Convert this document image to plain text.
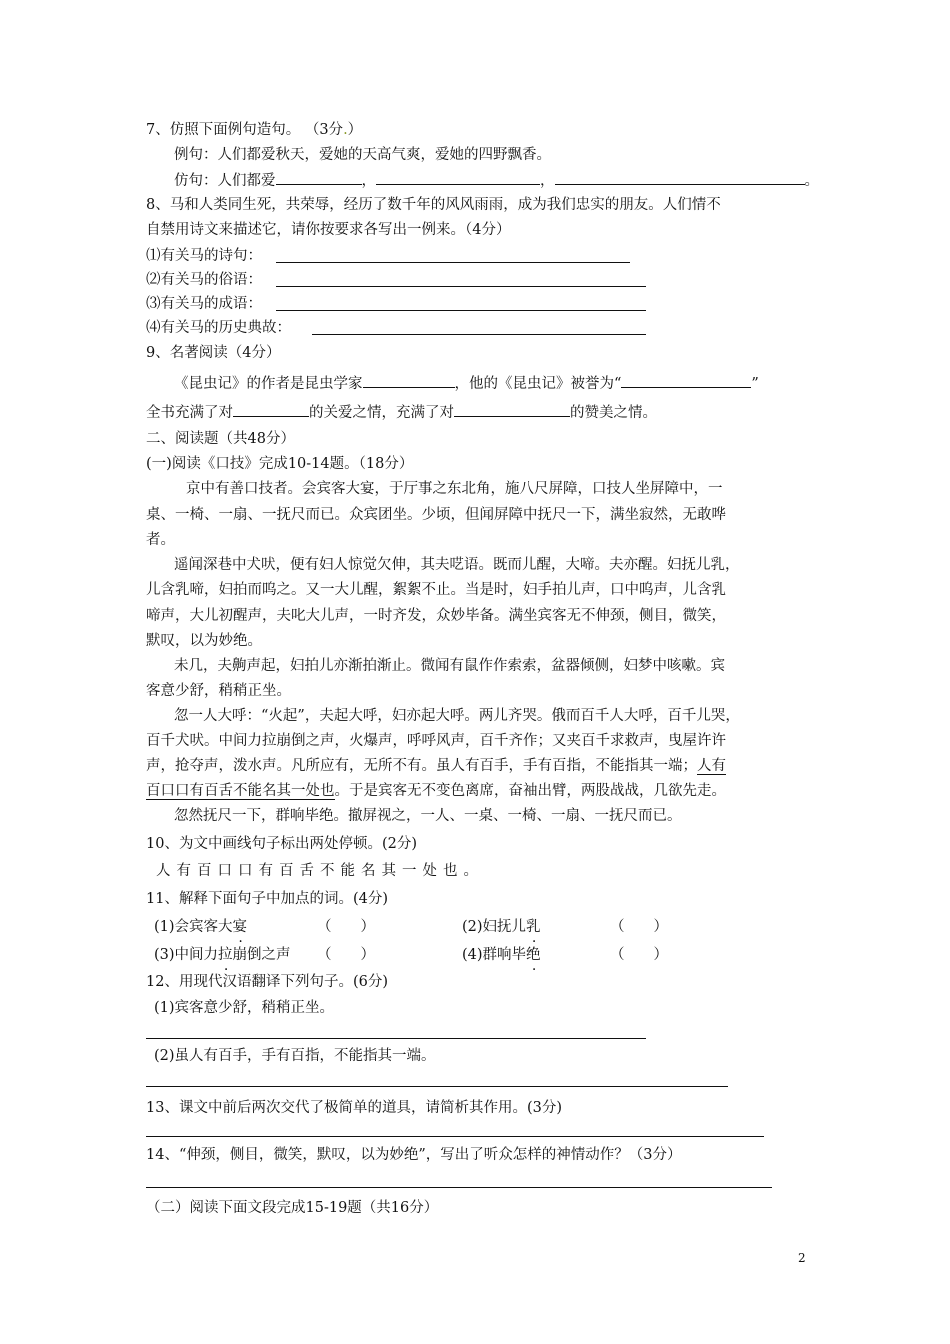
7、仿照下面例句造句。 （3分.）
例句：人们都爱秋天，爱她的天高气爽，爱她的四野飘香。
仿句：人们都爱	，	，	。
8、马和人类同生死，共荣辱，经历了数千年的风风雨雨，成为我们忠实的朋友。人们情不
自禁用诗文来描述它，请你按要求各写出一例来。（4分）
⑴有关马的诗句：
⑵有关马的俗语：
⑶有关马的成语：
⑷有关马的历史典故：
9、名著阅读（4分）
《昆虫记》的作者是昆虫学家	，他的《昆虫记》被誉为“	”
全书充满了对	的关爱之情，充满了对	的赞美之情。
二、阅读题（共48分）
(一)阅读《口技》完成10-14题。（18分）
京中有善口技者。会宾客大宴，于厅事之东北角，施八尺屏障，口技人坐屏障中，一
桌、一椅、一扇、一抚尺而已。众宾团坐。少顷，但闻屏障中抚尺一下，满坐寂然，无敢哗
者。
遥闻深巷中犬吠，便有妇人惊觉欠伸，其夫呓语。既而儿醒，大啼。夫亦醒。妇抚儿乳，
儿含乳啼，妇拍而呜之。又一大儿醒，絮絮不止。当是时，妇手拍儿声，口中呜声，儿含乳
啼声，大儿初醒声，夫叱大儿声，一时齐发，众妙毕备。满坐宾客无不伸颈，侧目，微笑，
默叹，以为妙绝。
未几，夫齁声起，妇拍儿亦渐拍渐止。微闻有鼠作作索索，盆器倾侧，妇梦中咳嗽。宾
客意少舒，稍稍正坐。
忽一人大呼：“火起”，夫起大呼，妇亦起大呼。两儿齐哭。俄而百千人大呼，百千儿哭，
百千犬吠。中间力拉崩倒之声，火爆声，呼呼风声，百千齐作；又夹百千求救声，曳屋许许
声，抢夺声，泼水声。凡所应有，无所不有。虽人有百手，手有百指，不能指其一端；人有
百口口有百舌不能名其一处也。于是宾客无不变色离席，奋袖出臂，两股战战，几欲先走。
忽然抚尺一下，群响毕绝。撤屏视之，一人、一桌、一椅、一扇、一抚尺而已。
10、为文中画线句子标出两处停顿。(2分)
人有百口口有百舌不能名其一处也。
11、解释下面句子中加点的词。(4分)
(1)会宾客大宴	（　　）	(2)妇抚儿乳	（　　）
(3)中间力拉崩倒之声 （　　）	(4)群响毕绝	（　　）
12、用现代汉语翻译下列句子。(6分)
(1)宾客意少舒，稍稍正坐。
(2)虽人有百手，手有百指，不能指其一端。
13、课文中前后两次交代了极简单的道具，请简析其作用。(3分)
14、“伸颈，侧目，微笑，默叹，以为妙绝”，写出了听众怎样的神情动作？（3分）
（二）阅读下面文段完成15-19题（共16分）
2
